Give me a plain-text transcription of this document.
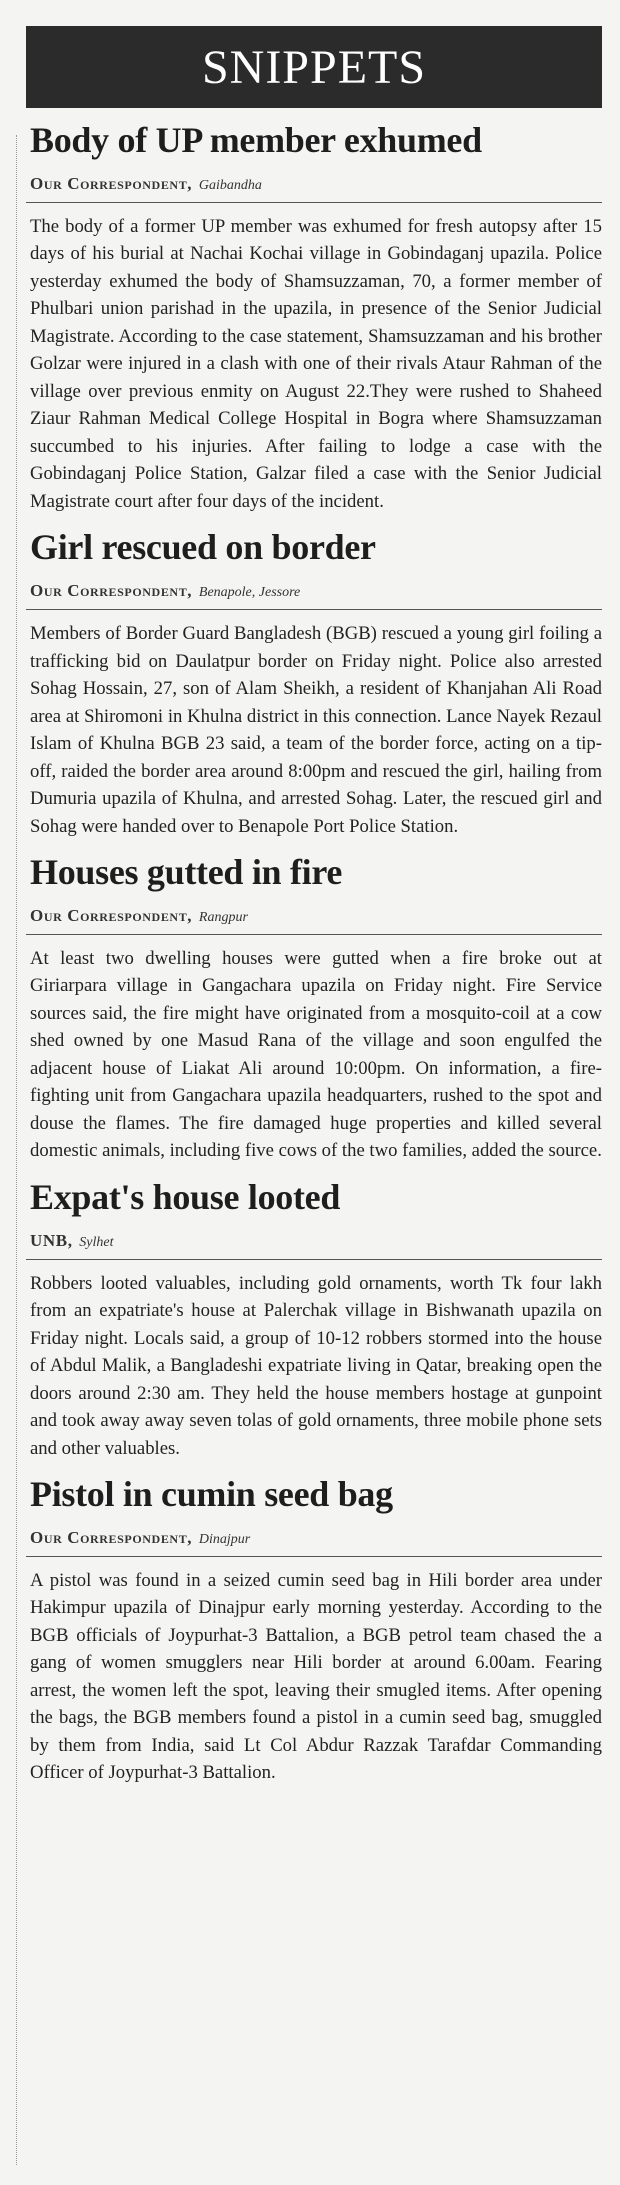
SNIPPETS
Body of UP member exhumed
Our Correspondent, Gaibandha
The body of a former UP member was exhumed for fresh autopsy after 15 days of his burial at Nachai Kochai village in Gobindaganj upazila. Police yesterday exhumed the body of Shamsuzzaman, 70, a former member of Phulbari union parishad in the upazila, in presence of the Senior Judicial Magistrate. According to the case statement, Shamsuzzaman and his brother Golzar were injured in a clash with one of their rivals Ataur Rahman of the village over previous enmity on August 22.They were rushed to Shaheed Ziaur Rahman Medical College Hospital in Bogra where Shamsuzzaman succumbed to his injuries. After failing to lodge a case with the Gobindaganj Police Station, Galzar filed a case with the Senior Judicial Magistrate court after four days of the incident.
Girl rescued on border
Our Correspondent, Benapole, Jessore
Members of Border Guard Bangladesh (BGB) rescued a young girl foiling a trafficking bid on Daulatpur border on Friday night. Police also arrested Sohag Hossain, 27, son of Alam Sheikh, a resident of Khanjahan Ali Road area at Shiromoni in Khulna district in this connection. Lance Nayek Rezaul Islam of Khulna BGB 23 said, a team of the border force, acting on a tip-off, raided the border area around 8:00pm and rescued the girl, hailing from Dumuria upazila of Khulna, and arrested Sohag. Later, the rescued girl and Sohag were handed over to Benapole Port Police Station.
Houses gutted in fire
Our Correspondent, Rangpur
At least two dwelling houses were gutted when a fire broke out at Giriarpara village in Gangachara upazila on Friday night. Fire Service sources said, the fire might have originated from a mosquito-coil at a cow shed owned by one Masud Rana of the village and soon engulfed the adjacent house of Liakat Ali around 10:00pm. On information, a fire-fighting unit from Gangachara upazila headquarters, rushed to the spot and douse the flames. The fire damaged huge properties and killed several domestic animals, including five cows of the two families, added the source.
Expat's house looted
UNB, Sylhet
Robbers looted valuables, including gold ornaments, worth Tk four lakh from an expatriate's house at Palerchak village in Bishwanath upazila on Friday night. Locals said, a group of 10-12 robbers stormed into the house of Abdul Malik, a Bangladeshi expatriate living in Qatar, breaking open the doors around 2:30 am. They held the house members hostage at gunpoint and took away away seven tolas of gold ornaments, three mobile phone sets and other valuables.
Pistol in cumin seed bag
Our Correspondent, Dinajpur
A pistol was found in a seized cumin seed bag in Hili border area under Hakimpur upazila of Dinajpur early morning yesterday. According to the BGB officials of Joypurhat-3 Battalion, a BGB petrol team chased the a gang of women smugglers near Hili border at around 6.00am. Fearing arrest, the women left the spot, leaving their smugled items. After opening the bags, the BGB members found a pistol in a cumin seed bag, smuggled by them from India, said Lt Col Abdur Razzak Tarafdar Commanding Officer of Joypurhat-3 Battalion.
